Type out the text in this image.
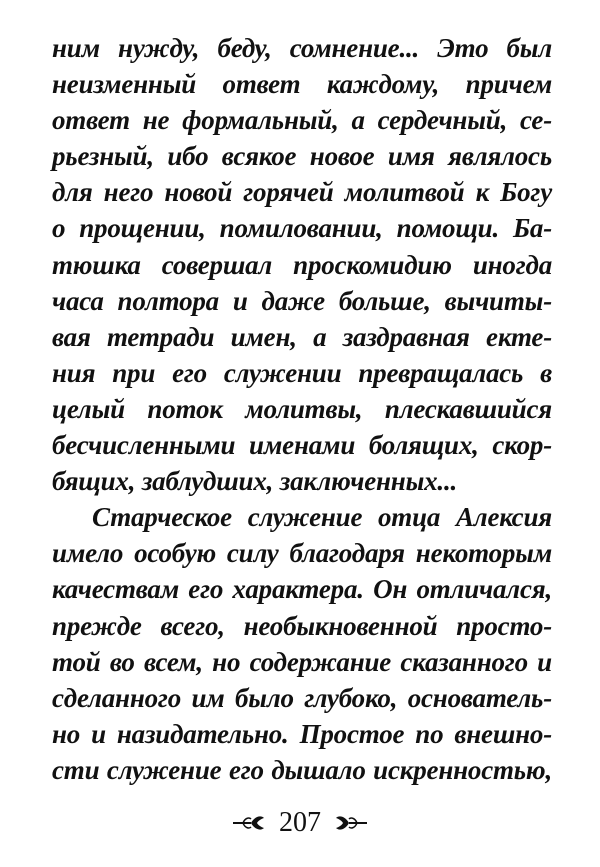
ним нужду, беду, сомнение... Это был
неизменный ответ каждому, причем
ответ не формальный, а сердечный, се-
рьезный, ибо всякое новое имя являлось
для него новой горячей молитвой к Богу
о прощении, помиловании, помощи. Ба-
тюшка совершал проскомидию иногда
часа полтора и даже больше, вычиты-
вая тетради имен, а заздравная екте-
ния при его служении превращалась в
целый поток молитвы, плескавшийся
бесчисленными именами болящих, скор-
бящих, заблудших, заключенных...
Старческое служение отца Алексия
имело особую силу благодаря некоторым
качествам его характера. Он отличался,
прежде всего, необыкновенной просто-
той во всем, но содержание сказанного и
сделанного им было глубоко, основатель-
но и назидательно. Простое по внешно-
сти служение его дышало искренностью,
207
